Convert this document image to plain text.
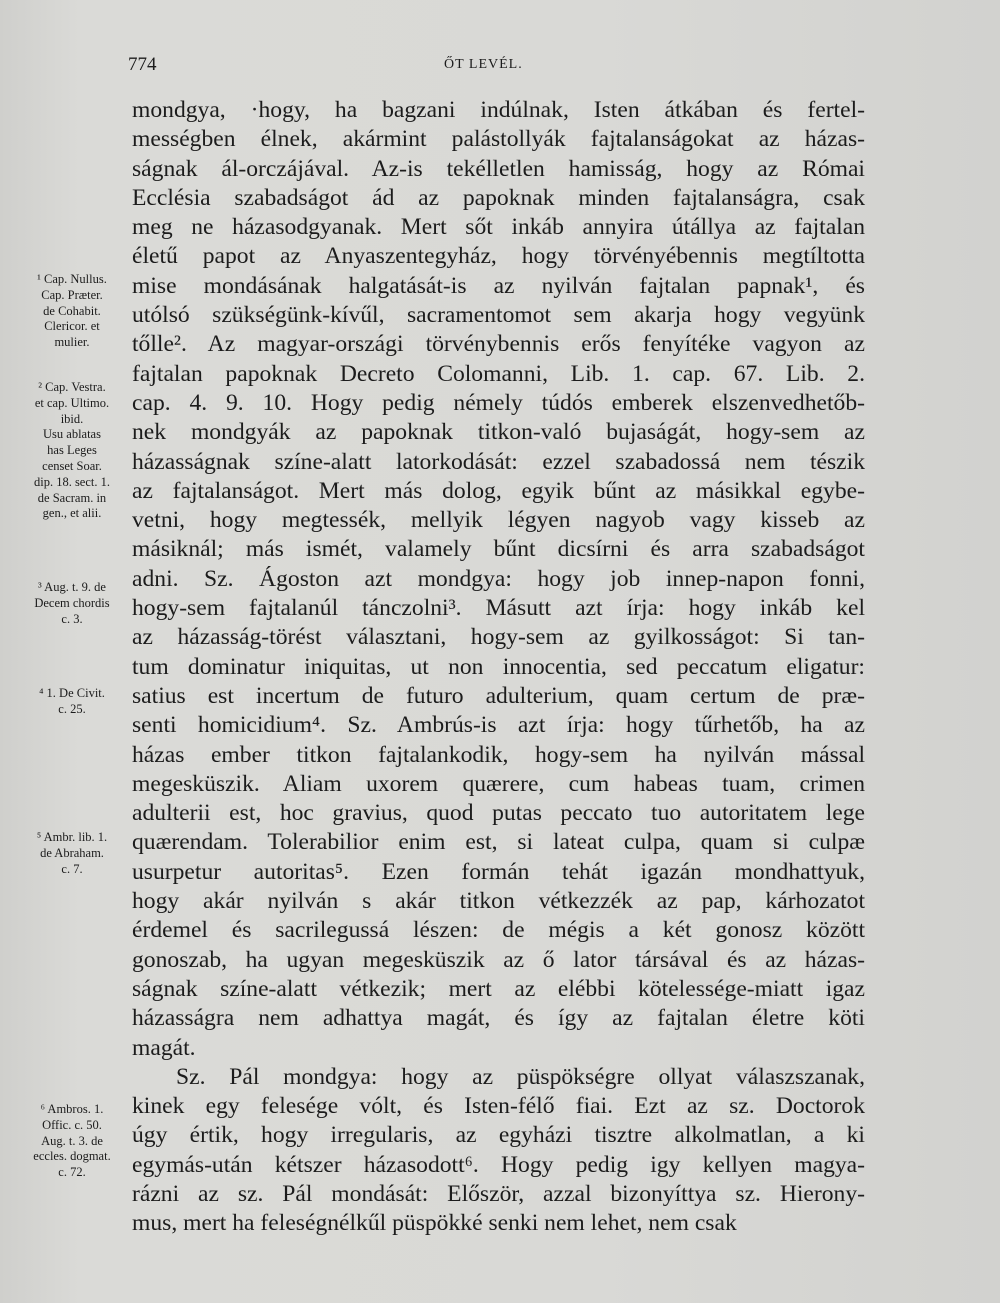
774	ŐT LEVÉL.
mondgya, ·hogy, ha bagzani indúlnak, Isten átkában és fertel-
mességben élnek, akármint palástollyák fajtalanságokat az házas-
ságnak ál-orczájával. Az-is tekélletlen hamisság, hogy az Római
Ecclésia szabadságot ád az papoknak minden fajtalanságra, csak
meg ne házasodgyanak. Mert sőt inkáb annyira útállya az fajtalan
életű papot az Anyaszentegyház, hogy törvényébennis megtíltotta
mise mondásának halgatását-is az nyilván fajtalan papnak¹, és
utólsó szükségünk-kívűl, sacramentomot sem akarja hogy vegyünk
tőlle². Az magyar-országi törvénybennis erős fenyítéke vagyon az
fajtalan papoknak Decreto Colomanni, Lib. 1. cap. 67. Lib. 2.
cap. 4. 9. 10. Hogy pedig némely túdós emberek elszenvedhetőb-
nek mondgyák az papoknak titkon-való bujaságát, hogy-sem az
házasságnak színe-alatt latorkodását: ezzel szabadossá nem tészik
az fajtalanságot. Mert más dolog, egyik bűnt az másikkal egybe-
vetni, hogy megtessék, mellyik légyen nagyob vagy kisseb az
másiknál; más ismét, valamely bűnt dicsírni és arra szabadságot
adni. Sz. Ágoston azt mondgya: hogy job innep-napon fonni,
hogy-sem fajtalanúl tánczolni³. Másutt azt írja: hogy inkáb kel
az házasság-törést választani, hogy-sem az gyilkosságot: Si tan-
tum dominatur iniquitas, ut non innocentia, sed peccatum eligatur:
satius est incertum de futuro adulterium, quam certum de præ-
senti homicidium⁴. Sz. Ambrús-is azt írja: hogy tűrhetőb, ha az
házas ember titkon fajtalankodik, hogy-sem ha nyilván mással
megesküszik. Aliam uxorem quærere, cum habeas tuam, crimen
adulterii est, hoc gravius, quod putas peccato tuo autoritatem lege
quærendam. Tolerabilior enim est, si lateat culpa, quam si culpæ
usurpetur autoritas⁵. Ezen formán tehát igazán mondhattyuk,
hogy akár nyilván s akár titkon vétkezzék az pap, kárhozatot
érdemel és sacrilegussá lészen: de mégis a két gonosz között
gonoszab, ha ugyan megesküszik az ő lator társával és az házas-
ságnak színe-alatt vétkezik; mert az elébbi kötelessége-miatt igaz
házasságra nem adhattya magát, és így az fajtalan életre köti
magát.
Sz. Pál mondgya: hogy az püspökségre ollyat válaszszanak,
kinek egy felesége vólt, és Isten-félő fiai. Ezt az sz. Doctorok
úgy értik, hogy irregularis, az egyházi tisztre alkolmatlan, a ki
egymás-után kétszer házasodott⁶. Hogy pedig igy kellyen magya-
rázni az sz. Pál mondását: Először, azzal bizonyíttya sz. Hierony-
mus, mert ha feleségnélkűl püspökké senki nem lehet, nem csak
¹ Cap. Nullus.
Cap. Præter.
de Cohabit.
Clericor. et
mulier.
² Cap. Vestra.
et cap. Ultimo.
ibid.
Usu ablatas
has Leges
censet Soar.
dip. 18. sect. 1.
de Sacram. in
gen., et alii.
³ Aug. t. 9. de
Decem chordis
c. 3.
⁴ 1. De Civit.
c. 25.
⁵ Ambr. lib. 1.
de Abraham.
c. 7.
⁶ Ambros. 1.
Offic. c. 50.
Aug. t. 3. de
eccles. dogmat.
c. 72.
